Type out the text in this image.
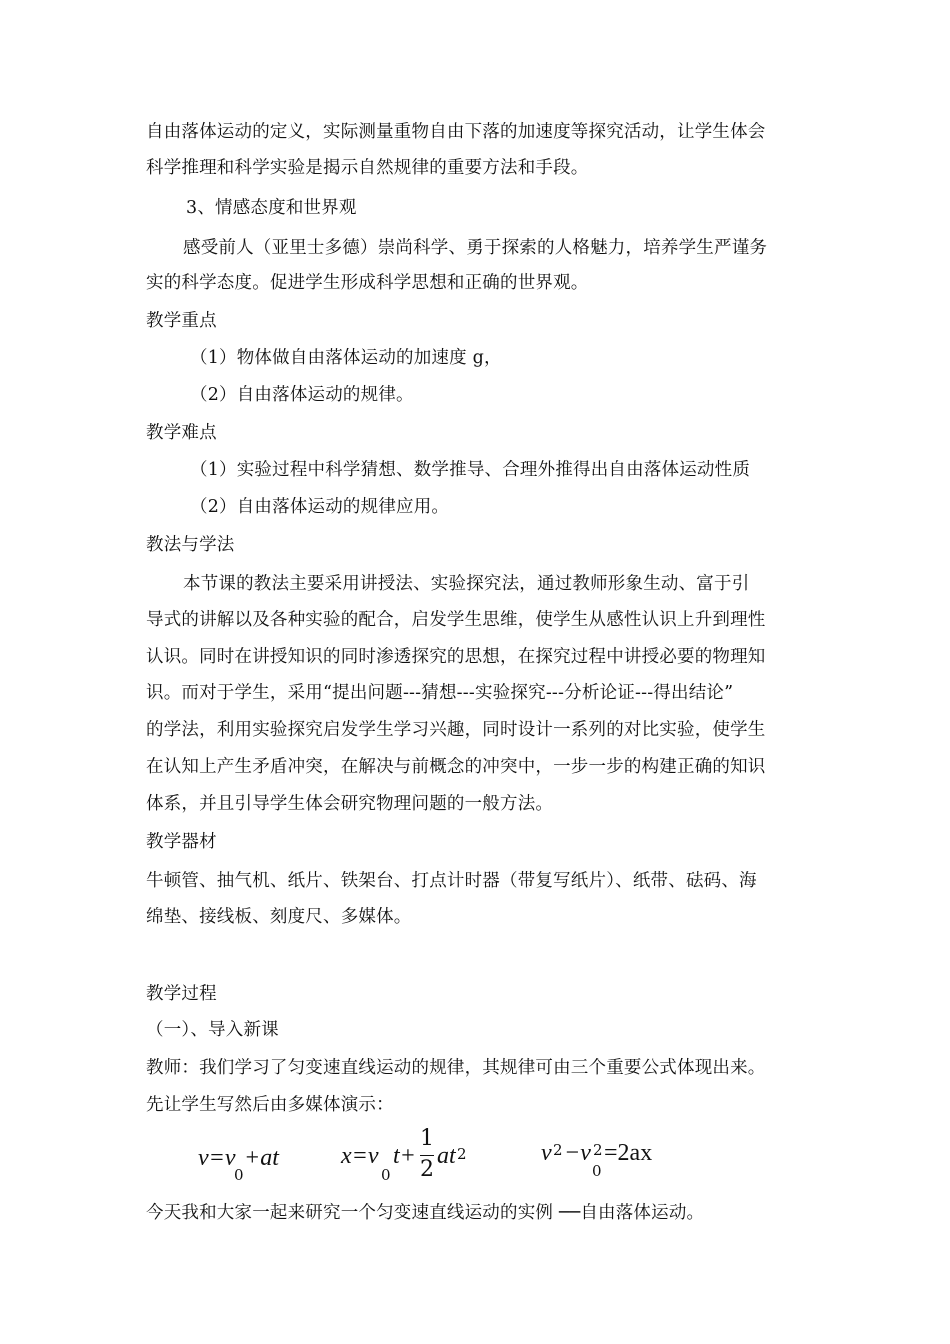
自由落体运动的定义，实际测量重物自由下落的加速度等探究活动，让学生体会
科学推理和科学实验是揭示自然规律的重要方法和手段。
3、情感态度和世界观
感受前人（亚里士多德）崇尚科学、勇于探索的人格魅力，培养学生严谨务
实的科学态度。促进学生形成科学思想和正确的世界观。
教学重点
（1）物体做自由落体运动的加速度 g，
（2）自由落体运动的规律。
教学难点
（1）实验过程中科学猜想、数学推导、合理外推得出自由落体运动性质
（2）自由落体运动的规律应用。
教法与学法
本节课的教法主要采用讲授法、实验探究法，通过教师形象生动、富于引
导式的讲解以及各种实验的配合，启发学生思维，使学生从感性认识上升到理性
认识。同时在讲授知识的同时渗透探究的思想，在探究过程中讲授必要的物理知
识。而对于学生，采用“提出问题---猜想---实验探究---分析论证---得出结论”
的学法，利用实验探究启发学生学习兴趣，同时设计一系列的对比实验，使学生
在认知上产生矛盾冲突，在解决与前概念的冲突中，一步一步的构建正确的知识
体系，并且引导学生体会研究物理问题的一般方法。
教学器材
牛顿管、抽气机、纸片、铁架台、打点计时器（带复写纸片）、纸带、砝码、海
绵垫、接线板、刻度尺、多媒体。
教学过程
（一）、导入新课
教师：我们学习了匀变速直线运动的规律，其规律可由三个重要公式体现出来。
先让学生写然后由多媒体演示：
v=v
0
+at	x=v
0
t+
1
2
at 2	v 2 −v 2
0
=2ax
今天我和大家一起来研究一个匀变速直线运动的实例 ──自由落体运动。
